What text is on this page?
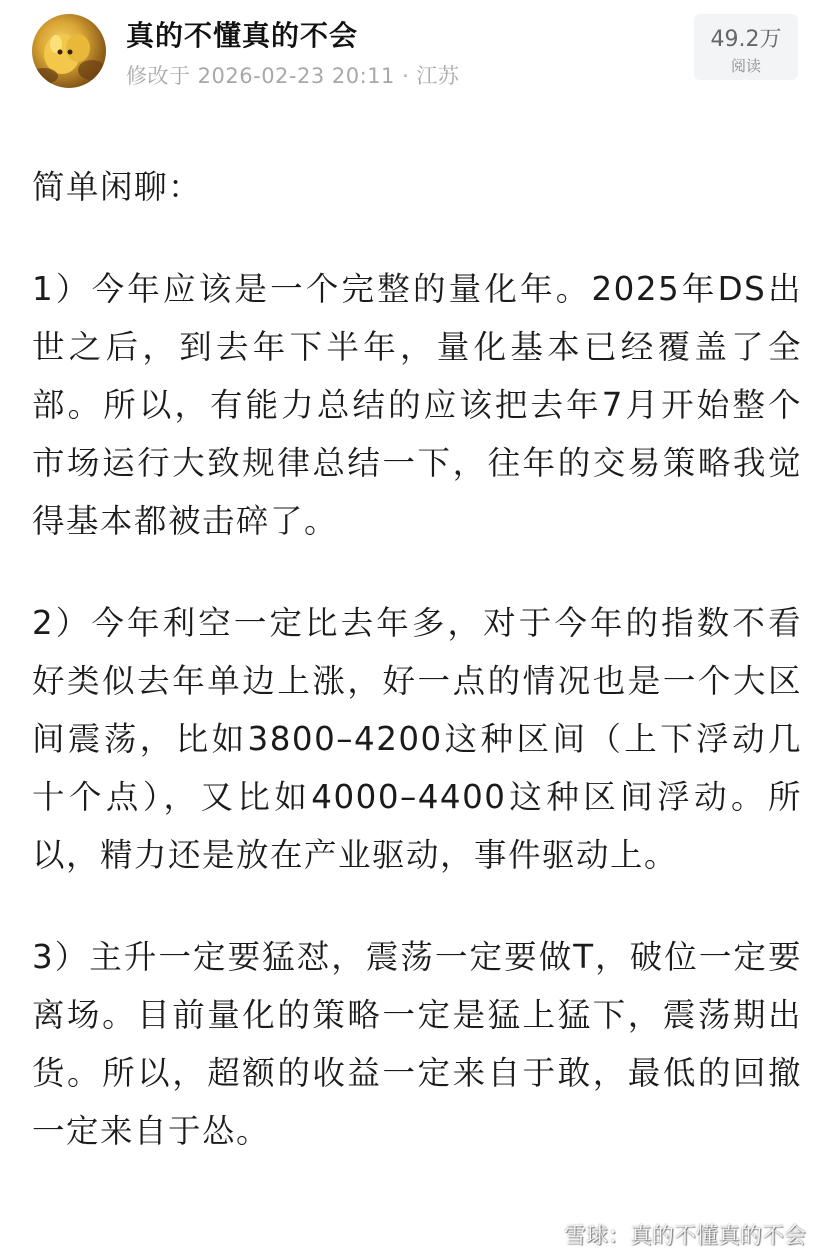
真的不懂真的不会
修改于 2026-02-23 20:11 · 江苏
49.2万
阅读

简单闲聊：

1）今年应该是一个完整的量化年。2025年DS出世之后，到去年下半年，量化基本已经覆盖了全部。所以，有能力总结的应该把去年7月开始整个市场运行大致规律总结一下，往年的交易策略我觉得基本都被击碎了。

2）今年利空一定比去年多，对于今年的指数不看好类似去年单边上涨，好一点的情况也是一个大区间震荡，比如3800–4200这种区间（上下浮动几十个点），又比如4000–4400这种区间浮动。所以，精力还是放在产业驱动，事件驱动上。

3）主升一定要猛怼，震荡一定要做T，破位一定要离场。目前量化的策略一定是猛上猛下，震荡期出货。所以，超额的收益一定来自于敢，最低的回撤一定来自于怂。

雪球：真的不懂真的不会
